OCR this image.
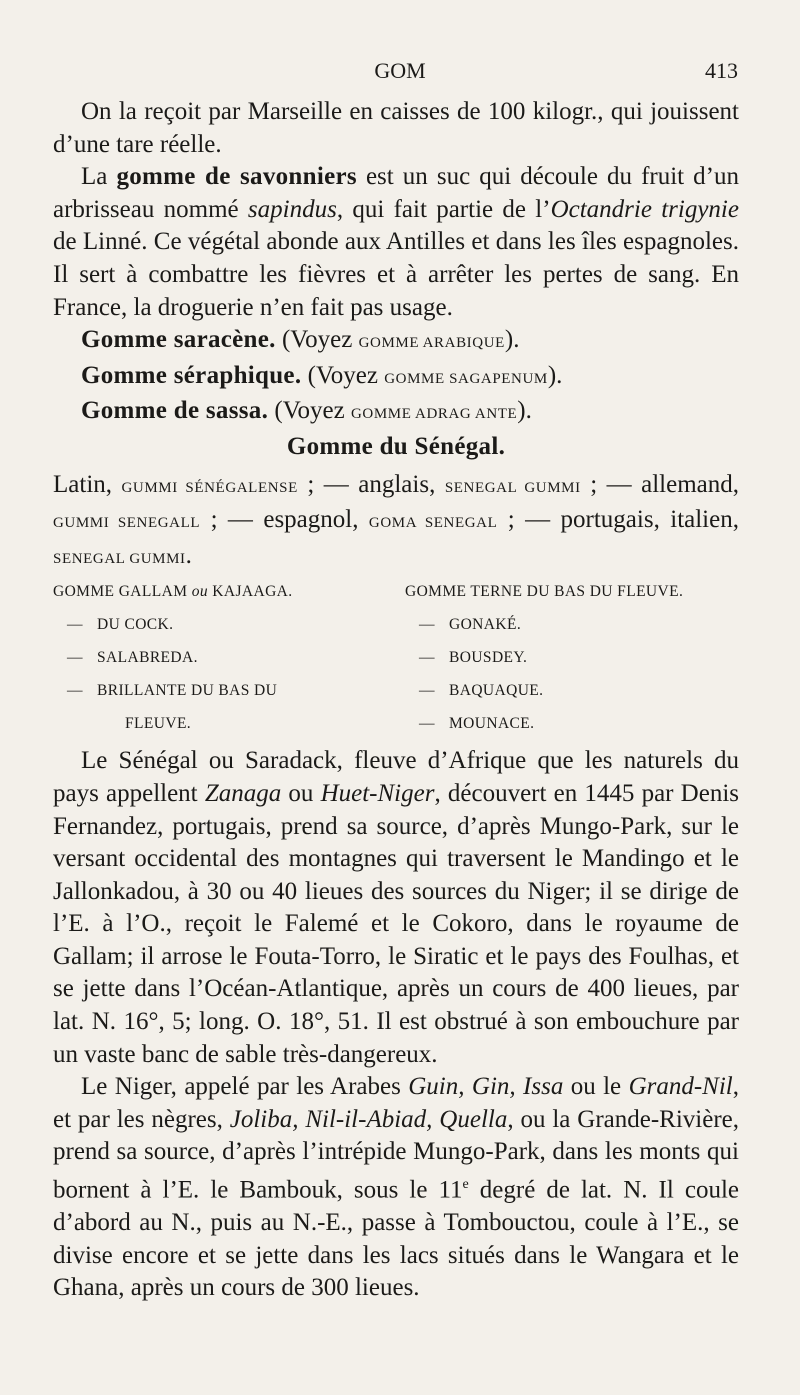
GOM	413

On la reçoit par Marseille en caisses de 100 kilogr., qui jouissent d’une tare réelle.

La gomme de savonniers est un suc qui découle du fruit d’un arbrisseau nommé sapindus, qui fait partie de l’Octandrie trigynie de Linné. Ce végétal abonde aux Antilles et dans les îles espagnoles. Il sert à combattre les fièvres et à arrêter les pertes de sang. En France, la droguerie n’en fait pas usage.

Gomme saracène. (Voyez GOMME ARABIQUE).

Gomme séraphique. (Voyez GOMME SAGAPENUM).

Gomme de sassa. (Voyez GOMME ADRAG ANTE).

Gomme du Sénégal.

Latin, GUMMI SÉNÉGALENSE ; — anglais, SENEGAL GUMMI ; — allemand, GUMMI SENEGALL ; — espagnol, GOMA SENEGAL ; — portugais, italien, SENEGAL GUMMI.

GOMME GALLAM ou KAJAAGA.	GOMME TERNE DU BAS DU FLEUVE.
— DU COCK.	— GONAKÉ.
— SALABREDA.	— BOUSDEY.
— BRILLANTE DU BAS DU	— BAQUAQUE.
FLEUVE.	— MOUNACE.

Le Sénégal ou Saradack, fleuve d’Afrique que les naturels du pays appellent Zanaga ou Huet-Niger, découvert en 1445 par Denis Fernandez, portugais, prend sa source, d’après Mungo-Park, sur le versant occidental des montagnes qui traversent le Mandingo et le Jallonkadou, à 30 ou 40 lieues des sources du Niger; il se dirige de l’E. à l’O., reçoit le Falemé et le Cokoro, dans le royaume de Gallam; il arrose le Fouta-Torro, le Siratic et le pays des Foulhas, et se jette dans l’Océan-Atlantique, après un cours de 400 lieues, par lat. N. 16°, 5; long. O. 18°, 51. Il est obstrué à son embouchure par un vaste banc de sable très-dangereux.

Le Niger, appelé par les Arabes Guin, Gin, Issa ou le Grand-Nil, et par les nègres, Joliba, Nil-il-Abiad, Quella, ou la Grande-Rivière, prend sa source, d’après l’intrépide Mungo-Park, dans les monts qui bornent à l’E. le Bambouk, sous le 11e degré de lat. N. Il coule d’abord au N., puis au N.-E., passe à Tombouctou, coule à l’E., se divise encore et se jette dans les lacs situés dans le Wangara et le Ghana, après un cours de 300 lieues.
